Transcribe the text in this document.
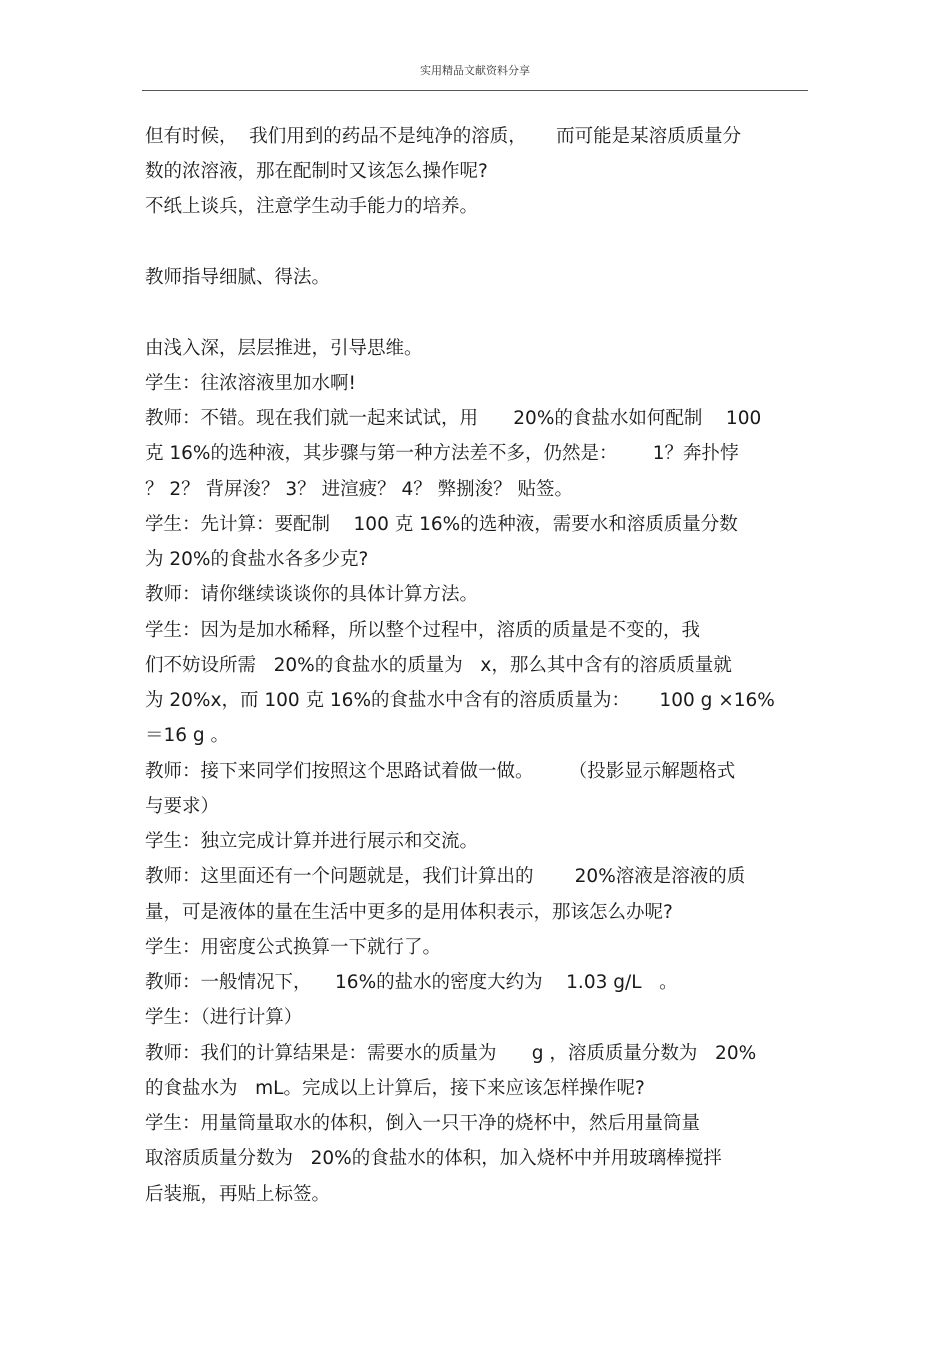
实用精品文献资料分享
但有时候，  我们用到的药品不是纯净的溶质，     而可能是某溶质质量分
数的浓溶液，那在配制时又该怎么操作呢?
不纸上谈兵，注意学生动手能力的培养。
教师指导细腻、得法。
由浅入深，层层推进，引导思维。
学生：往浓溶液里加水啊!
教师：不错。现在我们就一起来试试，用      20%的食盐水如何配制    100
克 16%的选种液，其步骤与第一种方法差不多，仍然是：      1？奔扑悖
？ 2？ 背屏浚？ 3？ 进渲疲？ 4？ 弊捌浚？ 贴签。
学生：先计算：要配制    100 克 16%的选种液，需要水和溶质质量分数
为 20%的食盐水各多少克?
教师：请你继续谈谈你的具体计算方法。
学生：因为是加水稀释，所以整个过程中，溶质的质量是不变的，我
们不妨设所需   20%的食盐水的质量为   x，那么其中含有的溶质质量就
为 20%x，而 100 克 16%的食盐水中含有的溶质质量为：     100 g ×16%
＝16 g 。
教师：接下来同学们按照这个思路试着做一做。      （投影显示解题格式
与要求）
学生：独立完成计算并进行展示和交流。
教师：这里面还有一个问题就是，我们计算出的       20%溶液是溶液的质
量，可是液体的量在生活中更多的是用体积表示，那该怎么办呢?
学生：用密度公式换算一下就行了。
教师：一般情况下，    16%的盐水的密度大约为    1.03 g/L   。
学生：（进行计算）
教师：我们的计算结果是：需要水的质量为      g ，溶质质量分数为   20%
的食盐水为   mL。完成以上计算后，接下来应该怎样操作呢?
学生：用量筒量取水的体积，倒入一只干净的烧杯中，然后用量筒量
取溶质质量分数为   20%的食盐水的体积，加入烧杯中并用玻璃棒搅拌
后装瓶，再贴上标签。
